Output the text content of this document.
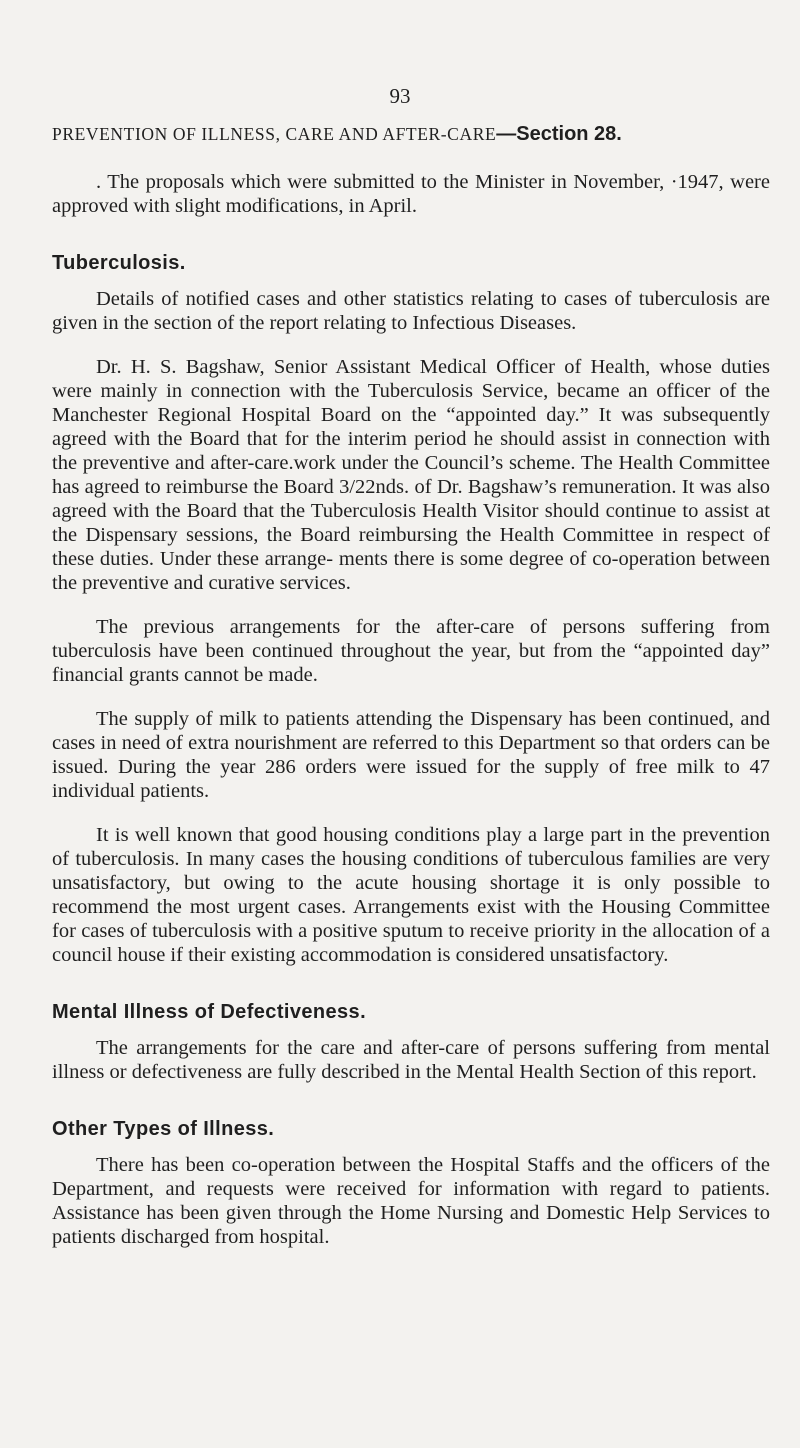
93
PREVENTION OF ILLNESS, CARE AND AFTER-CARE—Section 28.

. The proposals which were submitted to the Minister in November, ·1947, were approved with slight modifications, in April.

Tuberculosis.

Details of notified cases and other statistics relating to cases of tuberculosis are given in the section of the report relating to Infectious Diseases.

Dr. H. S. Bagshaw, Senior Assistant Medical Officer of Health, whose duties were mainly in connection with the Tuberculosis Service, became an officer of the Manchester Regional Hospital Board on the “appointed day.” It was subsequently agreed with the Board that for the interim period he should assist in connection with the preventive and after-care.work under the Council’s scheme. The Health Committee has agreed to reimburse the Board 3/22nds. of Dr. Bagshaw’s remuneration. It was also agreed with the Board that the Tuberculosis Health Visitor should continue to assist at the Dispensary sessions, the Board reimbursing the Health Committee in respect of these duties. Under these arrange- ments there is some degree of co-operation between the preventive and curative services.

The previous arrangements for the after-care of persons suffering from tuberculosis have been continued throughout the year, but from the “appointed day” financial grants cannot be made.

The supply of milk to patients attending the Dispensary has been continued, and cases in need of extra nourishment are referred to this Department so that orders can be issued. During the year 286 orders were issued for the supply of free milk to 47 individual patients.

It is well known that good housing conditions play a large part in the prevention of tuberculosis. In many cases the housing conditions of tuberculous families are very unsatisfactory, but owing to the acute housing shortage it is only possible to recommend the most urgent cases. Arrangements exist with the Housing Committee for cases of tuberculosis with a positive sputum to receive priority in the allocation of a council house if their existing accommodation is considered unsatisfactory.

Mental Illness of Defectiveness.

The arrangements for the care and after-care of persons suffering from mental illness or defectiveness are fully described in the Mental Health Section of this report.

Other Types of Illness.

There has been co-operation between the Hospital Staffs and the officers of the Department, and requests were received for information with regard to patients. Assistance has been given through the Home Nursing and Domestic Help Services to patients discharged from hospital.
